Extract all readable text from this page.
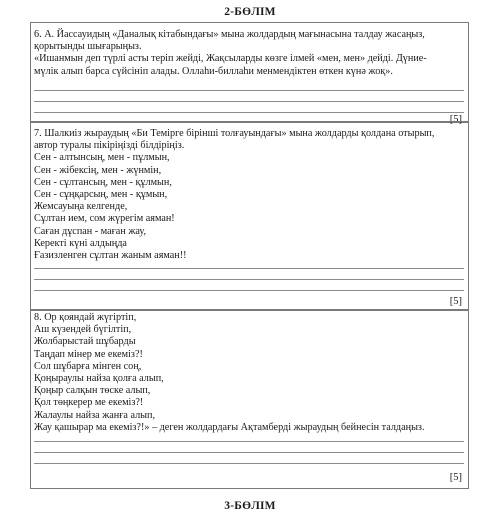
2-БӨЛІМ
6. А. Йассауидың «Даналық кітабындағы» мына жолдардың мағынасына талдау жасаңыз,
қорытынды шығарыңыз.
«Ишанмын деп түрлі асты теріп жейді, Жақсыларды көзге ілмей «мен, мен» дейді. Дүние-
мүлік алып барса сүйсініп алады. Оллаһи-биллаһи менмендіктен өткен күнә жоқ».
[5]
7. Шалкиіз жыраудың «Би Темірге бірінші толғауындағы» мына жолдарды қолдана отырып,
автор туралы пікіріңізді білдіріңіз.
Сен - алтынсың, мен - пұлмын,
Сен - жібексің, мен - жүнмін,
Сен - сұлтансың, мен - құлмын,
Сен - сұңқарсың, мен - құмын,
Жемсауыңа келгенде,
Сұлтан ием, сом жүрегім аяман!
Саған дұспан - маған жау,
Керекті күні алдыңда
Ғазизленген сұлтан жаным аяман!!
[5]
8. Ор қояндай жүгіртіп,
Аш күзендей бүгілтіп,
Жолбарыстай шұбарды
Таңдап мінер ме екеміз?!
Сол шұбарға мінген соң,
Қоңыраулы найза қолға алып,
Қоңыр салқын төске алып,
Қол төңкерер ме екеміз?!
Жалаулы найза жанға алып,
Жау қашырар ма екеміз?!» – деген жолдардағы Ақтамберді жыраудың бейнесін талдаңыз.
[5]
3-БӨЛІМ
